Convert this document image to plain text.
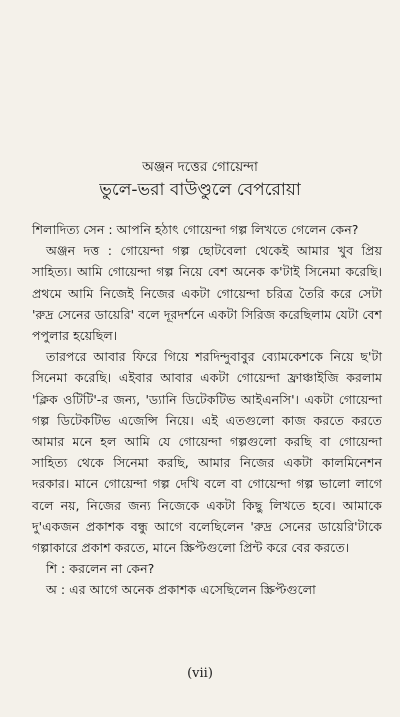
অঞ্জন দত্তের গোয়েন্দা
ভুলে-ভরা বাউণ্ডুলে বেপরোয়া

শিলাদিত্য সেন : আপনি হঠাৎ গোয়েন্দা গল্প লিখতে গেলেন কেন?

অঞ্জন দত্ত : গোয়েন্দা গল্প ছোটবেলা থেকেই আমার খুব প্রিয় সাহিত্য। আমি গোয়েন্দা গল্প নিয়ে বেশ অনেক ক'টাই সিনেমা করেছি। প্রথমে আমি নিজেই নিজের একটা গোয়েন্দা চরিত্র তৈরি করে সেটা 'রুদ্র সেনের ডায়েরি' বলে দূরদর্শনে একটা সিরিজ করেছিলাম যেটা বেশ পপুলার হয়েছিল।

তারপরে আবার ফিরে গিয়ে শরদিন্দুবাবুর ব্যোমকেশকে নিয়ে ছ'টা সিনেমা করেছি। এইবার আবার একটা গোয়েন্দা ফ্রাঞ্চাইজি করলাম 'ক্লিক ওটিটি'-র জন্য, 'ড্যানি ডিটেকটিভ আইএনসি'। একটা গোয়েন্দা গল্প ডিটেকটিভ এজেন্সি নিয়ে। এই এতগুলো কাজ করতে করতে আমার মনে হল আমি যে গোয়েন্দা গল্পগুলো করছি বা গোয়েন্দা সাহিত্য থেকে সিনেমা করছি, আমার নিজের একটা কালমিনেশন দরকার। মানে গোয়েন্দা গল্প দেখি বলে বা গোয়েন্দা গল্প ভালো লাগে বলে নয়, নিজের জন্য নিজেকে একটা কিছু লিখতে হবে। আমাকে দু'একজন প্রকাশক বন্ধু আগে বলেছিলেন 'রুদ্র সেনের ডায়েরি'টাকে গল্পাকারে প্রকাশ করতে, মানে স্ক্রিপ্টগুলো প্রিন্ট করে বের করতে।

শি : করলেন না কেন?

অ : এর আগে অনেক প্রকাশক এসেছিলেন স্ক্রিপ্টগুলো

(vii)
